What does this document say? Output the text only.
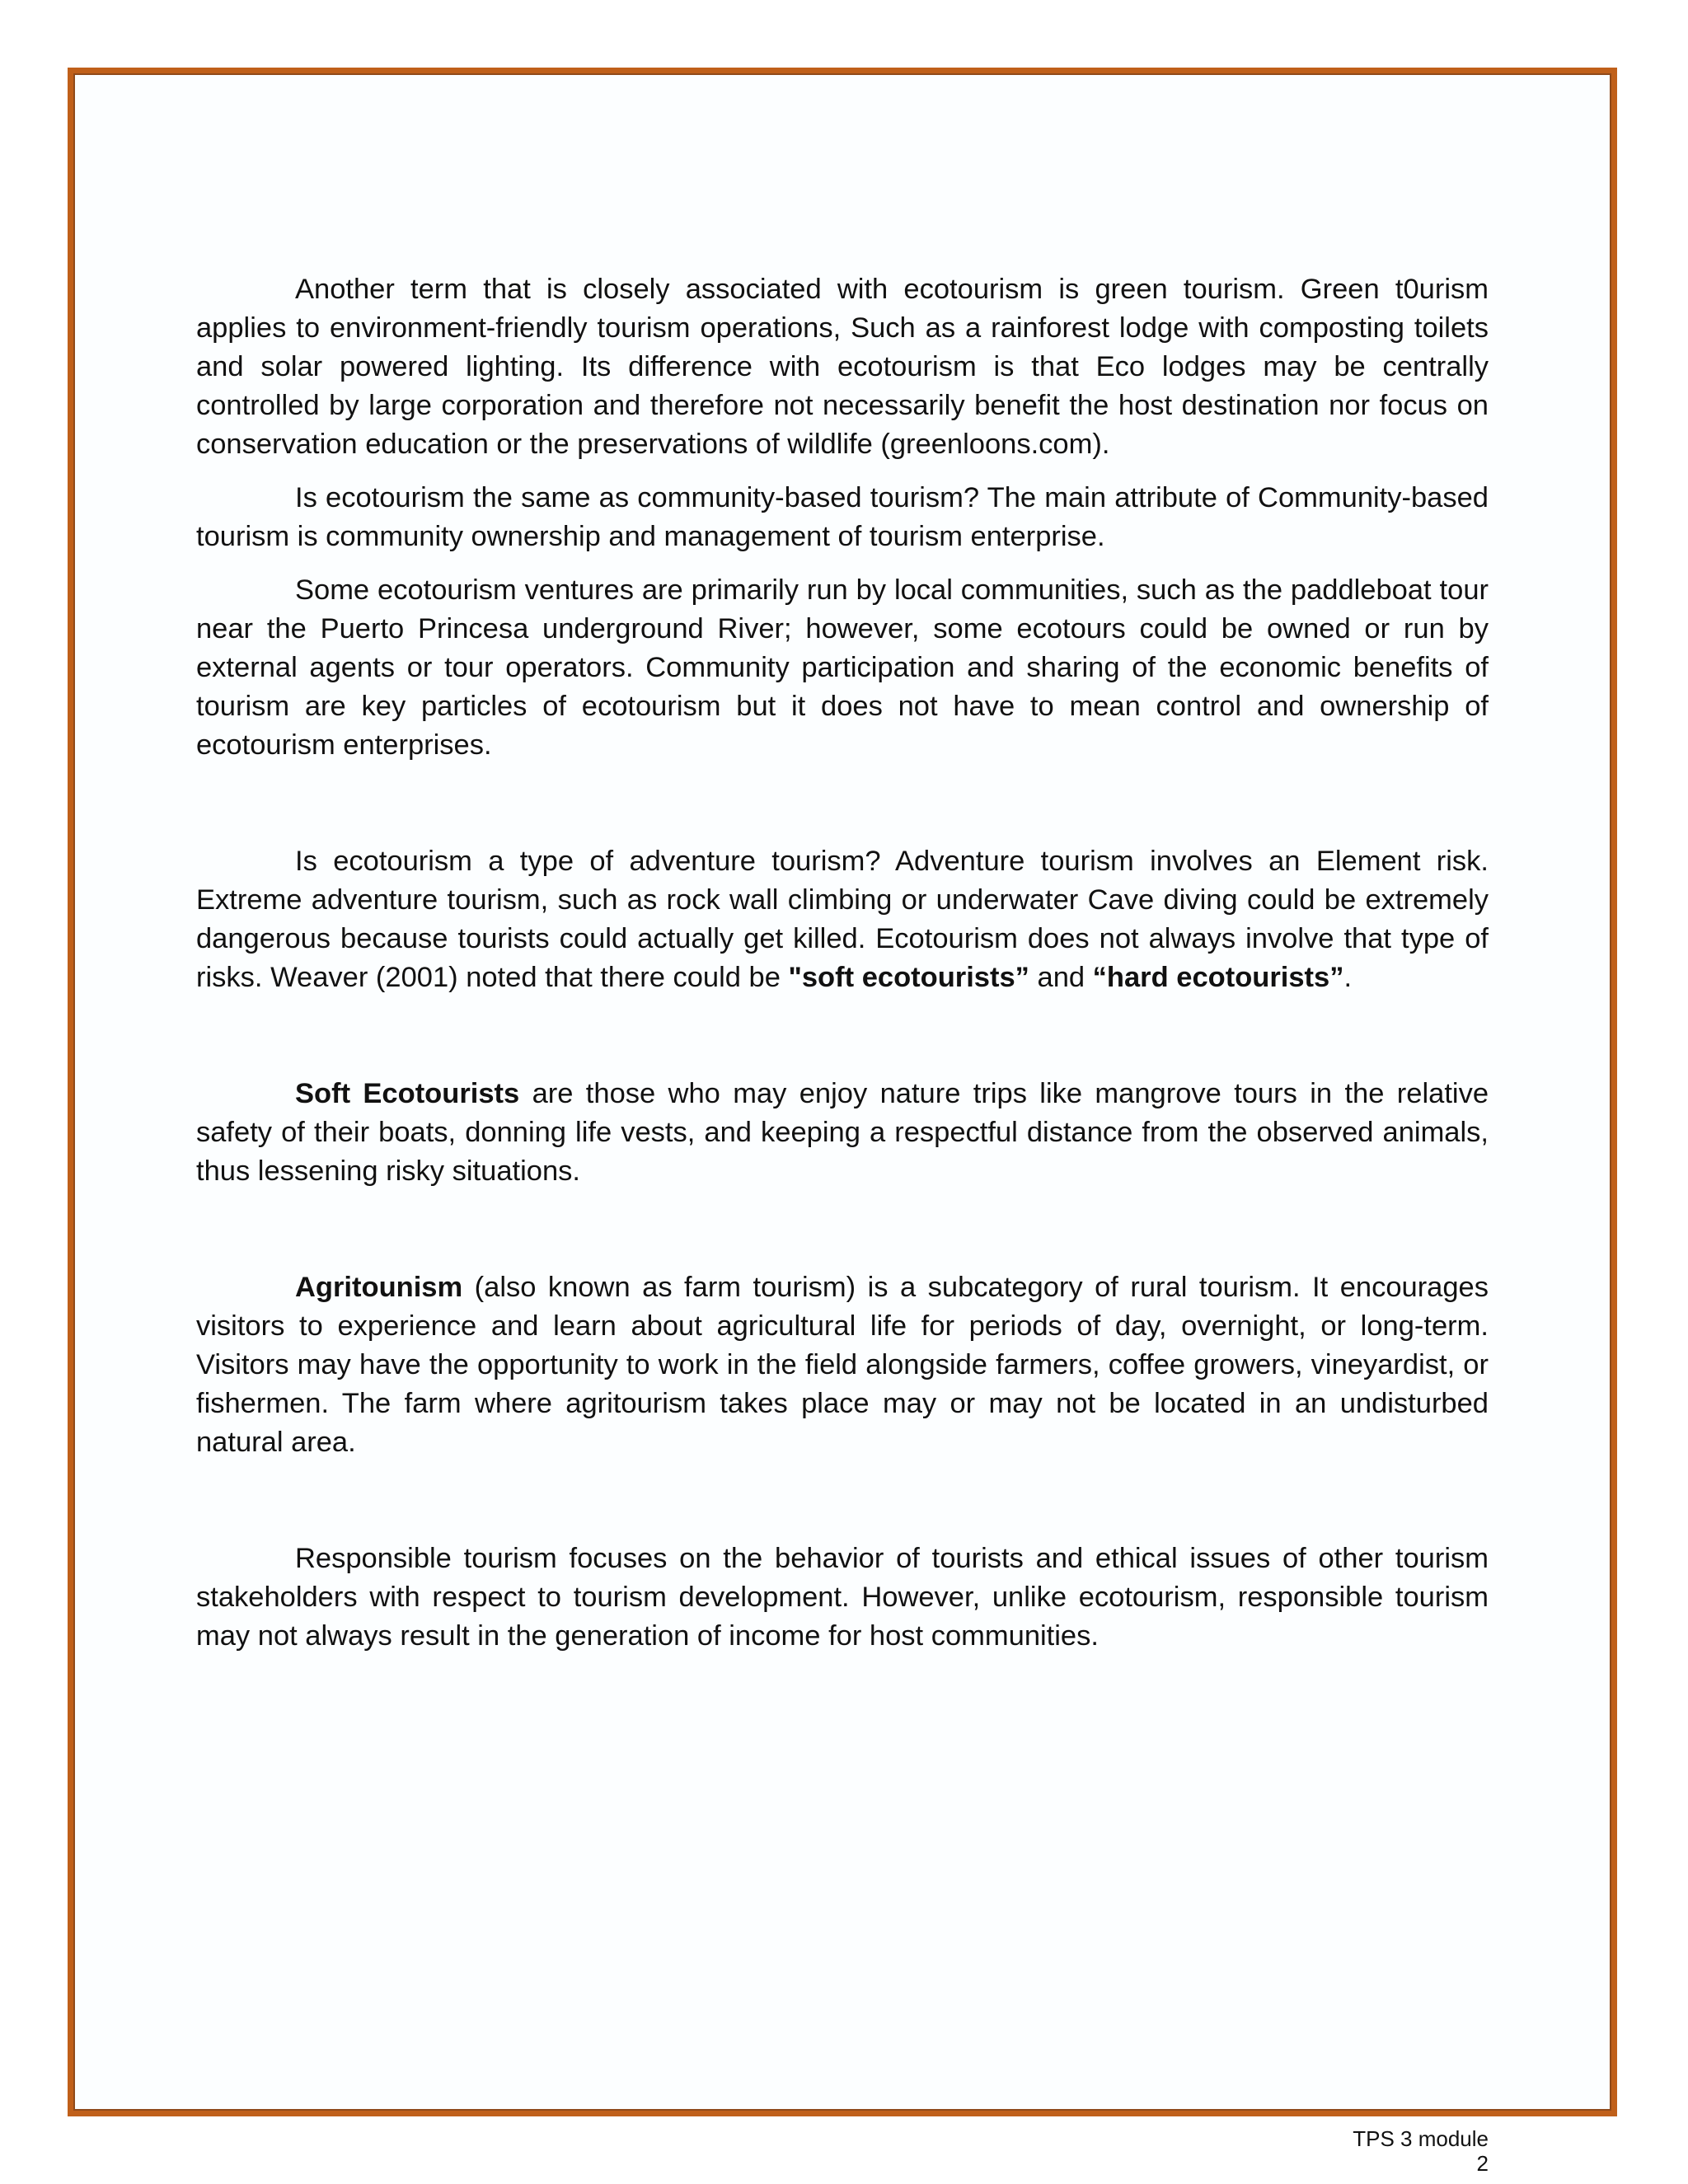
Another term that is closely associated with ecotourism is green tourism. Green t0urism applies to environment-friendly tourism operations, Such as a rainforest lodge with composting toilets and solar powered lighting. Its difference with ecotourism is that Eco lodges may be centrally controlled by large corporation and therefore not necessarily benefit the host destination nor focus on conservation education or the preservations of wildlife (greenloons.com).

Is ecotourism the same as community-based tourism? The main attribute of Community-based tourism is community ownership and management of tourism enterprise.

Some ecotourism ventures are primarily run by local communities, such as the paddleboat tour near the Puerto Princesa underground River; however, some ecotours could be owned or run by external agents or tour operators. Community participation and sharing of the economic benefits of tourism are key particles of ecotourism but it does not have to mean control and ownership of ecotourism enterprises.

Is ecotourism a type of adventure tourism? Adventure tourism involves an Element risk. Extreme adventure tourism, such as rock wall climbing or underwater Cave diving could be extremely dangerous because tourists could actually get killed. Ecotourism does not always involve that type of risks. Weaver (2001) noted that there could be "soft ecotourists” and “hard ecotourists”.

Soft Ecotourists are those who may enjoy nature trips like mangrove tours in the relative safety of their boats, donning life vests, and keeping a respectful distance from the observed animals, thus lessening risky situations.

Agritounism (also known as farm tourism) is a subcategory of rural tourism. It encourages visitors to experience and learn about agricultural life for periods of day, overnight, or long-term. Visitors may have the opportunity to work in the field alongside farmers, coffee growers, vineyardist, or fishermen. The farm where agritourism takes place may or may not be located in an undisturbed natural area.

Responsible tourism focuses on the behavior of tourists and ethical issues of other tourism stakeholders with respect to tourism development. However, unlike ecotourism, responsible tourism may not always result in the generation of income for host communities.

TPS 3 module 2
